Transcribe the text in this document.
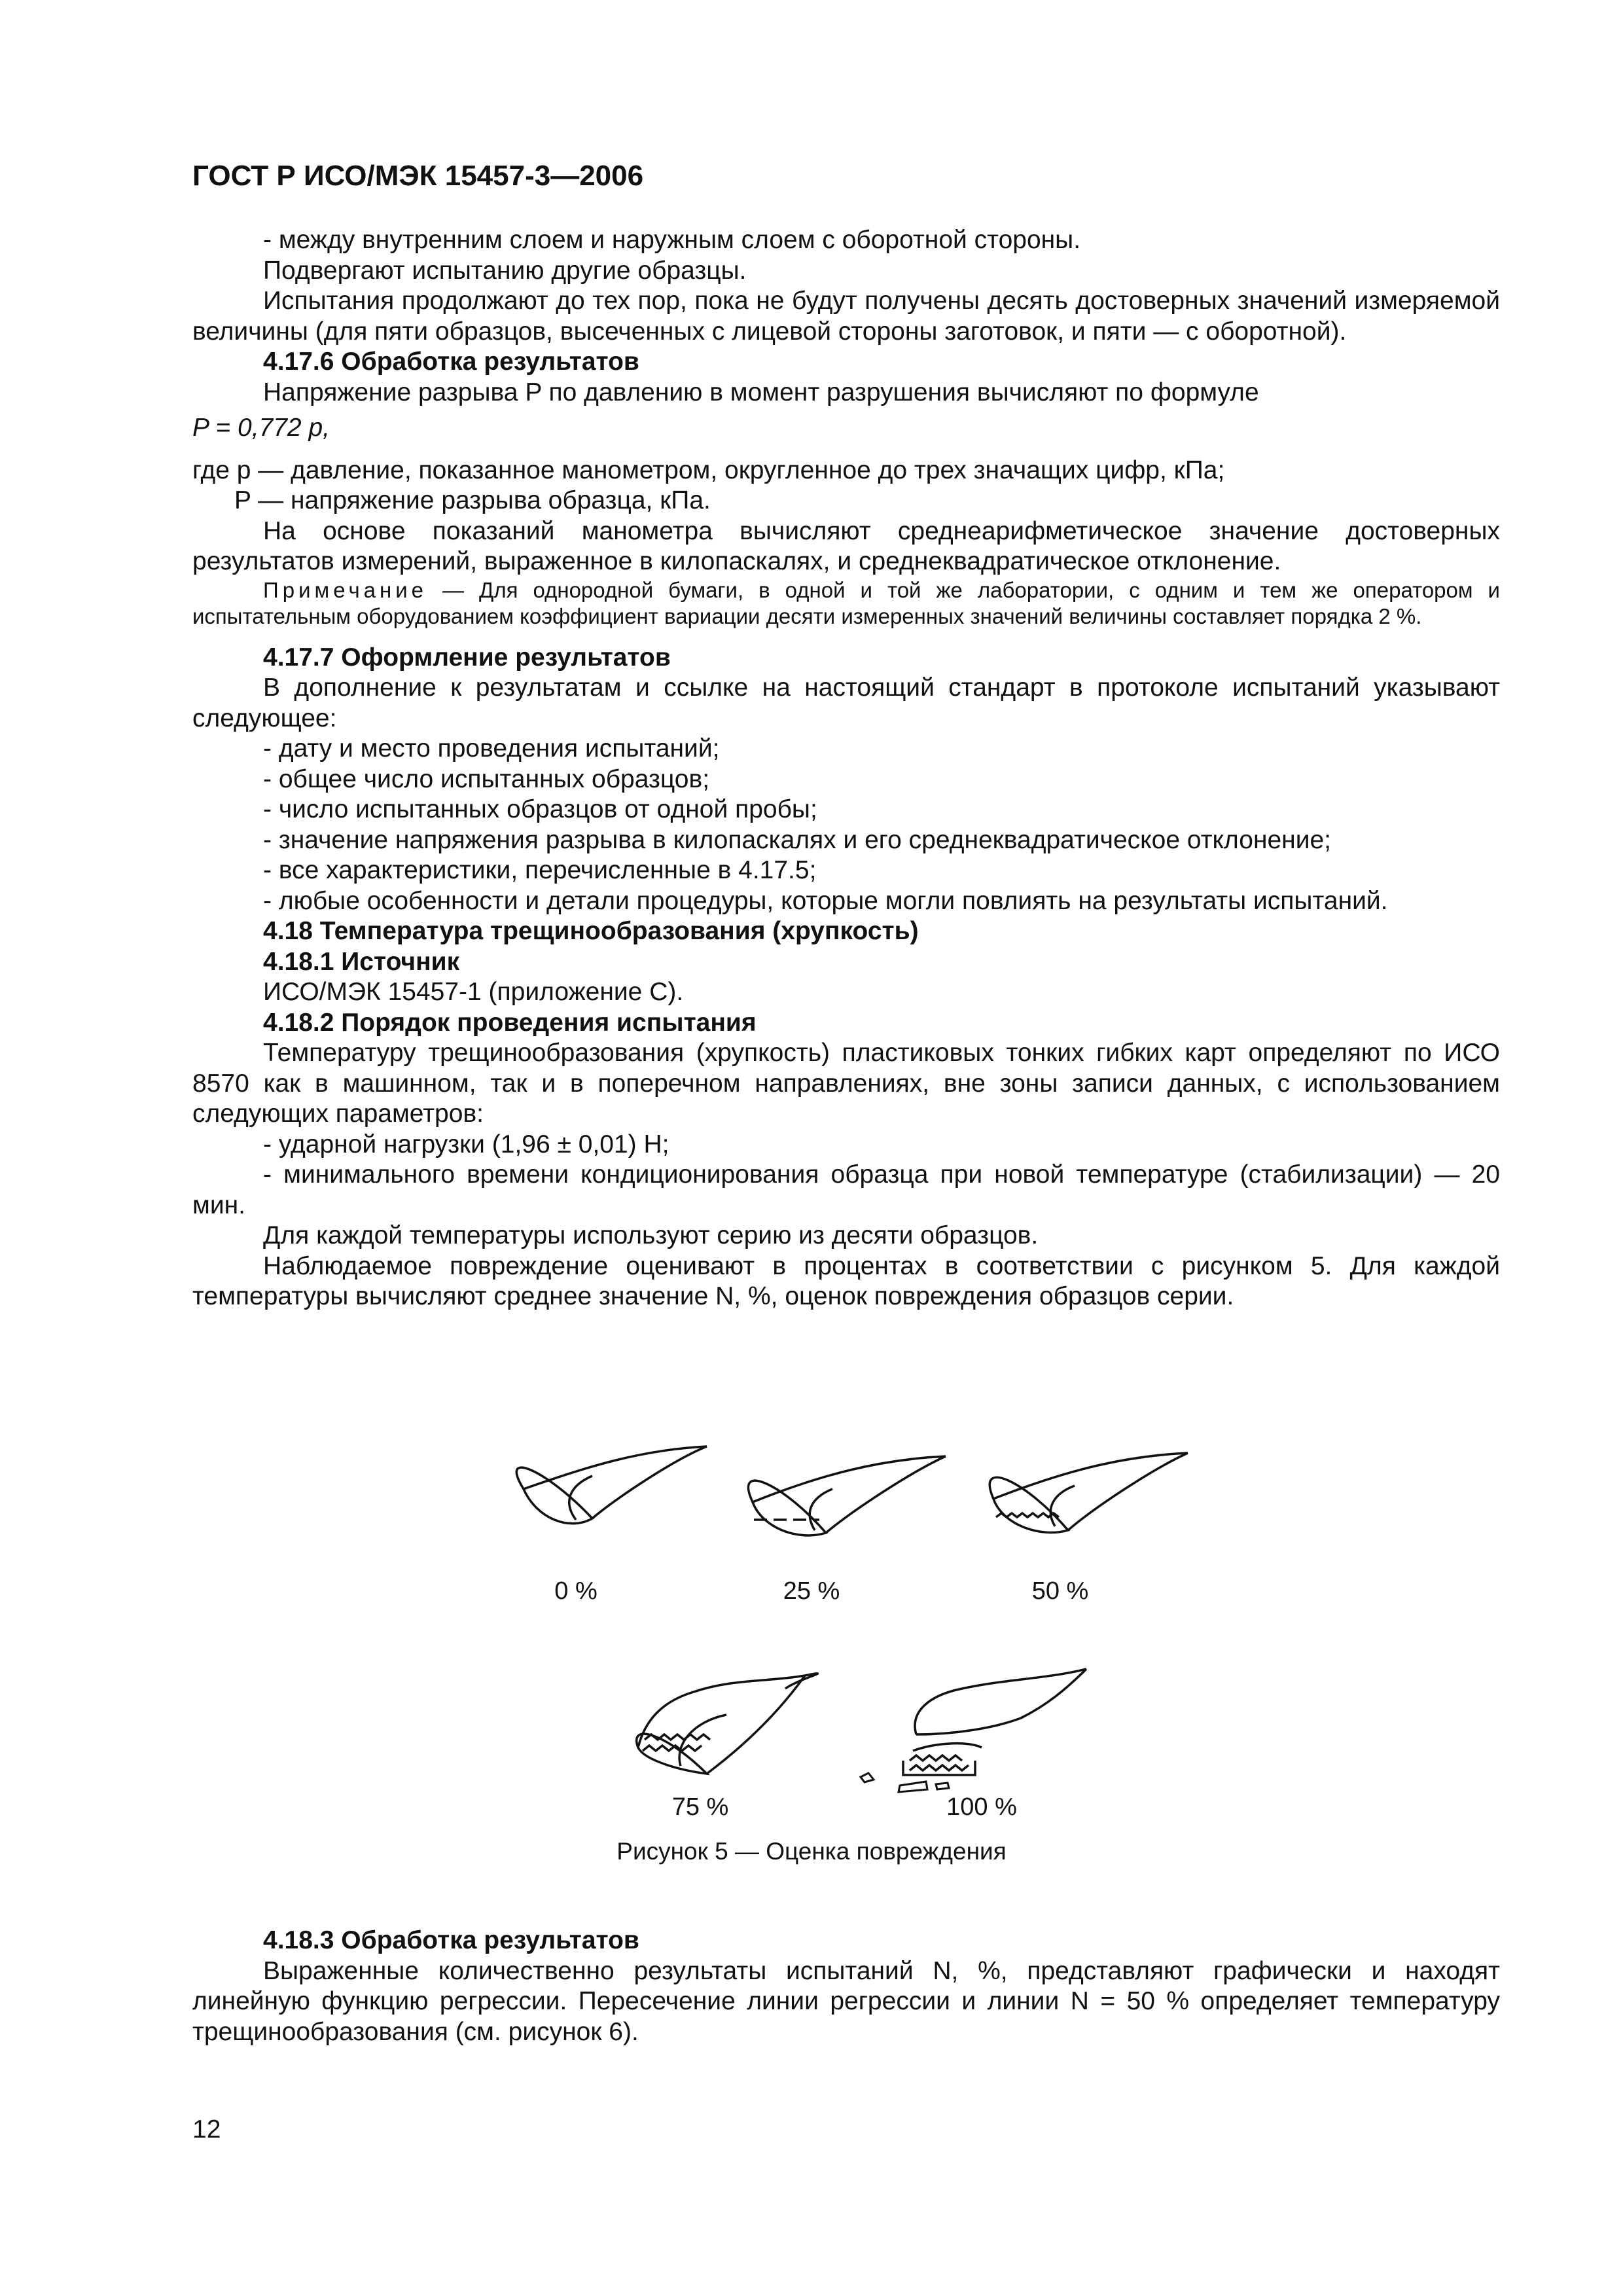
ГОСТ Р ИСО/МЭК 15457-3—2006

- между внутренним слоем и наружным слоем с оборотной стороны.

Подвергают испытанию другие образцы.

Испытания продолжают до тех пор, пока не будут получены десять достоверных значений измеряемой величины (для пяти образцов, высеченных с лицевой стороны заготовок, и пяти — с оборотной).

4.17.6 Обработка результатов

Напряжение разрыва P по давлению в момент разрушения вычисляют по формуле

P = 0,772 p,

где p — давление, показанное манометром, округленное до трех значащих цифр, кПа;

P — напряжение разрыва образца, кПа.

На основе показаний манометра вычисляют среднеарифметическое значение достоверных результатов измерений, выраженное в килопаскалях, и среднеквадратическое отклонение.

Примечание — Для однородной бумаги, в одной и той же лаборатории, с одним и тем же оператором и испытательным оборудованием коэффициент вариации десяти измеренных значений величины составляет порядка 2 %.

4.17.7 Оформление результатов

В дополнение к результатам и ссылке на настоящий стандарт в протоколе испытаний указывают следующее:

- дату и место проведения испытаний;

- общее число испытанных образцов;

- число испытанных образцов от одной пробы;

- значение напряжения разрыва в килопаскалях и его среднеквадратическое отклонение;

- все характеристики, перечисленные в 4.17.5;

- любые особенности и детали процедуры, которые могли повлиять на результаты испытаний.

4.18 Температура трещинообразования (хрупкость)

4.18.1 Источник

ИСО/МЭК 15457-1 (приложение С).

4.18.2 Порядок проведения испытания

Температуру трещинообразования (хрупкость) пластиковых тонких гибких карт определяют по ИСО 8570 как в машинном, так и в поперечном направлениях, вне зоны записи данных, с использованием следующих параметров:

- ударной нагрузки (1,96 ± 0,01) Н;

- минимального времени кондиционирования образца при новой температуре (стабилизации) — 20 мин.

Для каждой температуры используют серию из десяти образцов.

Наблюдаемое повреждение оценивают в процентах в соответствии с рисунком 5. Для каждой температуры вычисляют среднее значение N, %, оценок повреждения образцов серии.

0 %	25 %	50 %
75 %	100 %
Рисунок 5 — Оценка повреждения

4.18.3 Обработка результатов

Выраженные количественно результаты испытаний N, %, представляют графически и находят линейную функцию регрессии. Пересечение линии регрессии и линии N = 50 % определяет температуру трещинообразования (см. рисунок 6).

12
